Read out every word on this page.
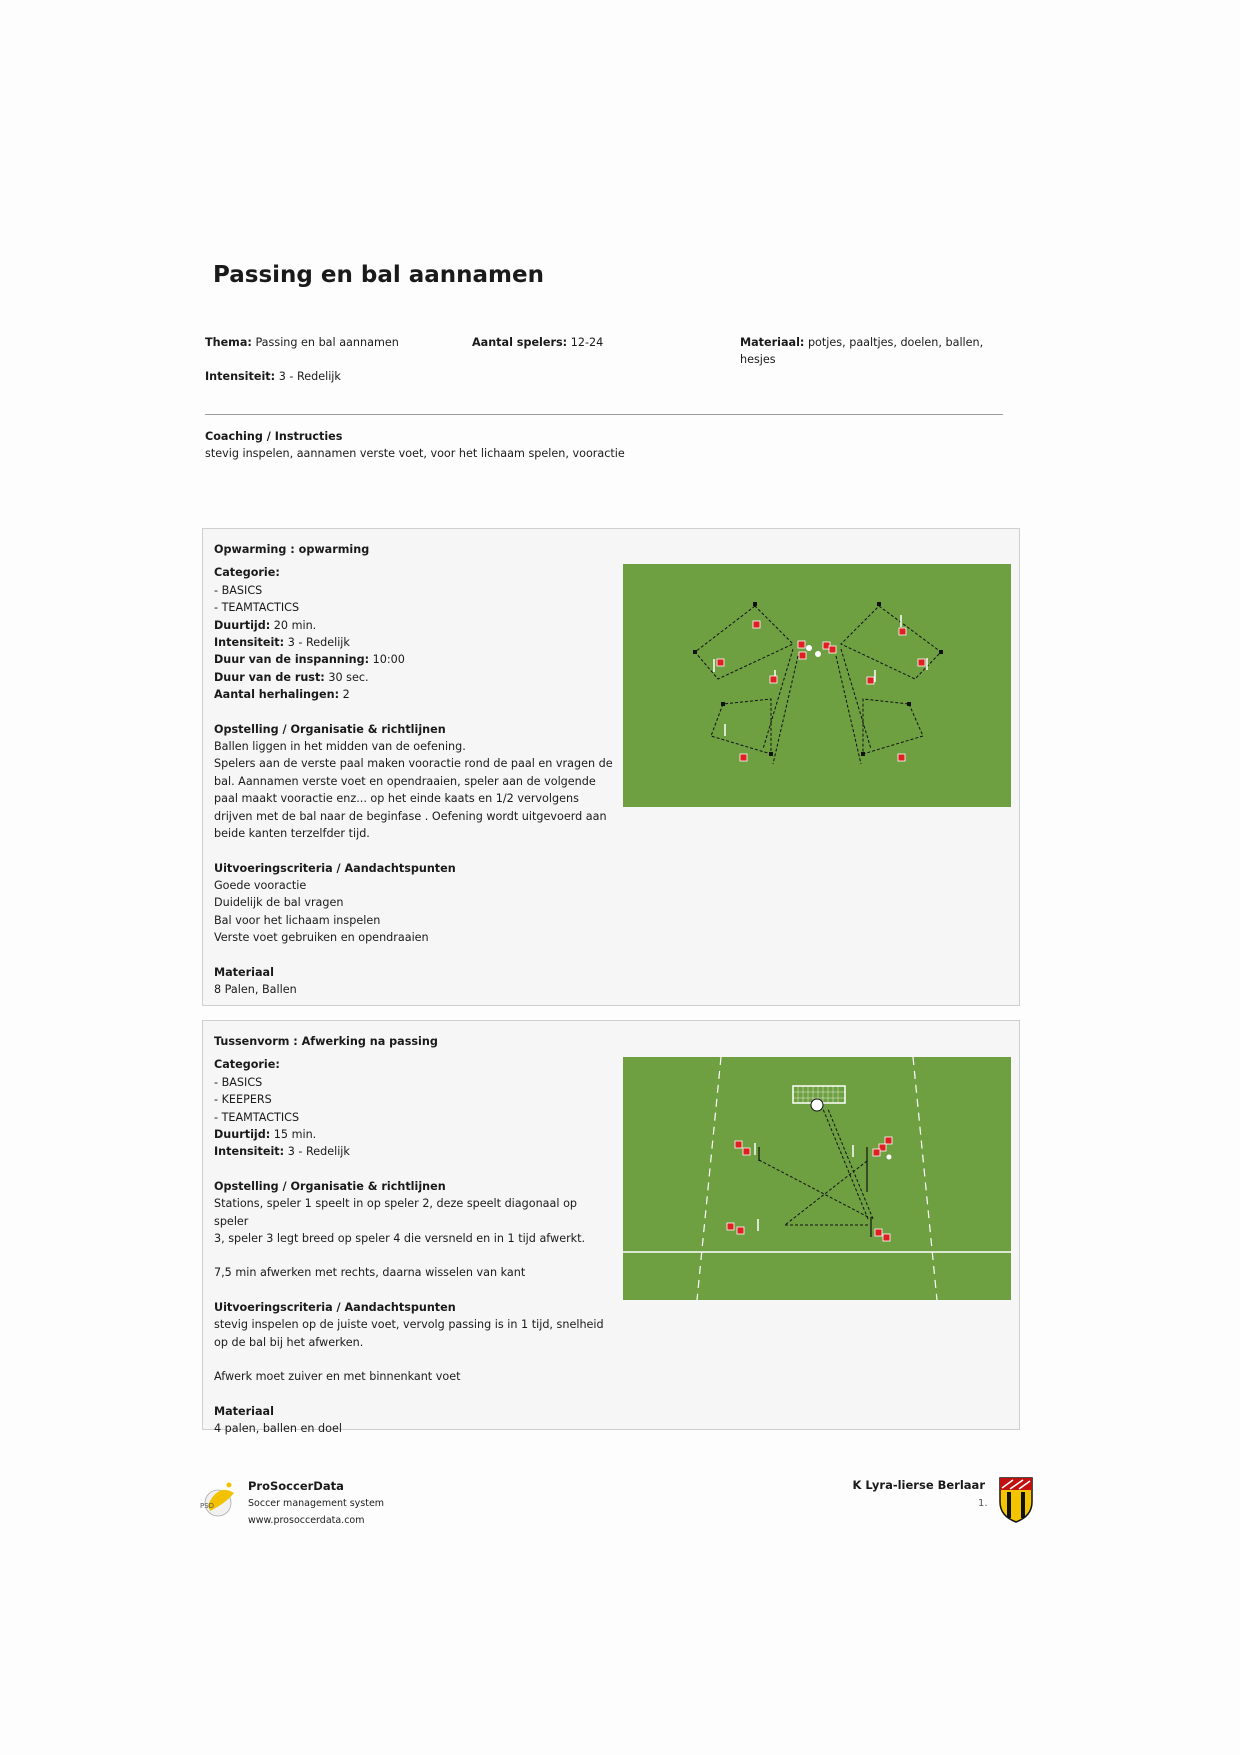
Passing en bal aannamen
Thema: Passing en bal aannamen	Aantal spelers: 12-24	Materiaal: potjes, paaltjes, doelen, ballen,
hesjes
Intensiteit: 3 - Redelijk
Coaching / Instructies
stevig inspelen, aannamen verste voet, voor het lichaam spelen, vooractie
Opwarming : opwarming
Categorie:
- BASICS
- TEAMTACTICS
Duurtijd: 20 min.
Intensiteit: 3 - Redelijk
Duur van de inspanning: 10:00
Duur van de rust: 30 sec.
Aantal herhalingen: 2
Opstelling / Organisatie & richtlijnen
Ballen liggen in het midden van de oefening.
Spelers aan de verste paal maken vooractie rond de paal en vragen de
bal. Aannamen verste voet en opendraaien, speler aan de volgende
paal maakt vooractie enz... op het einde kaats en 1/2 vervolgens
drijven met de bal naar de beginfase . Oefening wordt uitgevoerd aan
beide kanten terzelfder tijd.
Uitvoeringscriteria / Aandachtspunten
Goede vooractie
Duidelijk de bal vragen
Bal voor het lichaam inspelen
Verste voet gebruiken en opendraaien
Materiaal
8 Palen, Ballen
Tussenvorm : Afwerking na passing
Categorie:
- BASICS
- KEEPERS
- TEAMTACTICS
Duurtijd: 15 min.
Intensiteit: 3 - Redelijk
Opstelling / Organisatie & richtlijnen
Stations, speler 1 speelt in op speler 2, deze speelt diagonaal op speler
3, speler 3 legt breed op speler 4 die versneld en in 1 tijd afwerkt.
7,5 min afwerken met rechts, daarna wisselen van kant
Uitvoeringscriteria / Aandachtspunten
stevig inspelen op de juiste voet, vervolg passing is in 1 tijd, snelheid
op de bal bij het afwerken.
Afwerk moet zuiver en met binnenkant voet
Materiaal
4 palen, ballen en doel
PSD
ProSoccerData
Soccer management system
www.prosoccerdata.com
K Lyra-lierse Berlaar
1.
